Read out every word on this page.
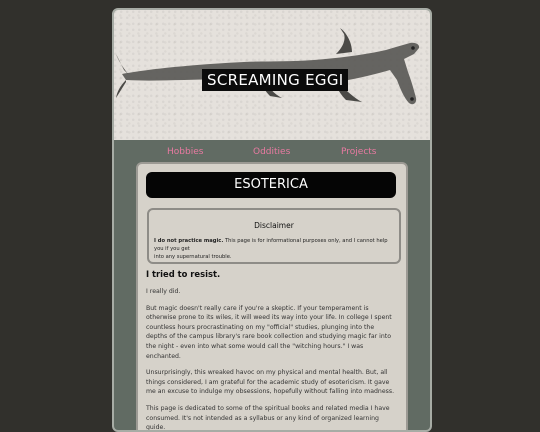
SCREAMING EGGI
Hobbies	Oddities	Projects
ESOTERICA
Disclaimer
I do not practice magic. This page is for informational purposes only, and I cannot help you if you get
into any supernatural trouble.

I tried to resist.

I really did.

But magic doesn't really care if you're a skeptic. If your temperament is otherwise prone to its wiles, it will weed its way into your life. In college I spent countless hours procrastinating on my "official" studies, plunging into the depths of the campus library's rare book collection and studying magic far into the night - even into what some would call the "witching hours." I was enchanted.

Unsurprisingly, this wreaked havoc on my physical and mental health. But, all things considered, I am grateful for the academic study of esotericism. It gave me an excuse to indulge my obsessions, hopefully without falling into madness.

This page is dedicated to some of the spiritual books and related media I have consumed. It's not intended as a syllabus or any kind of organized learning guide.
